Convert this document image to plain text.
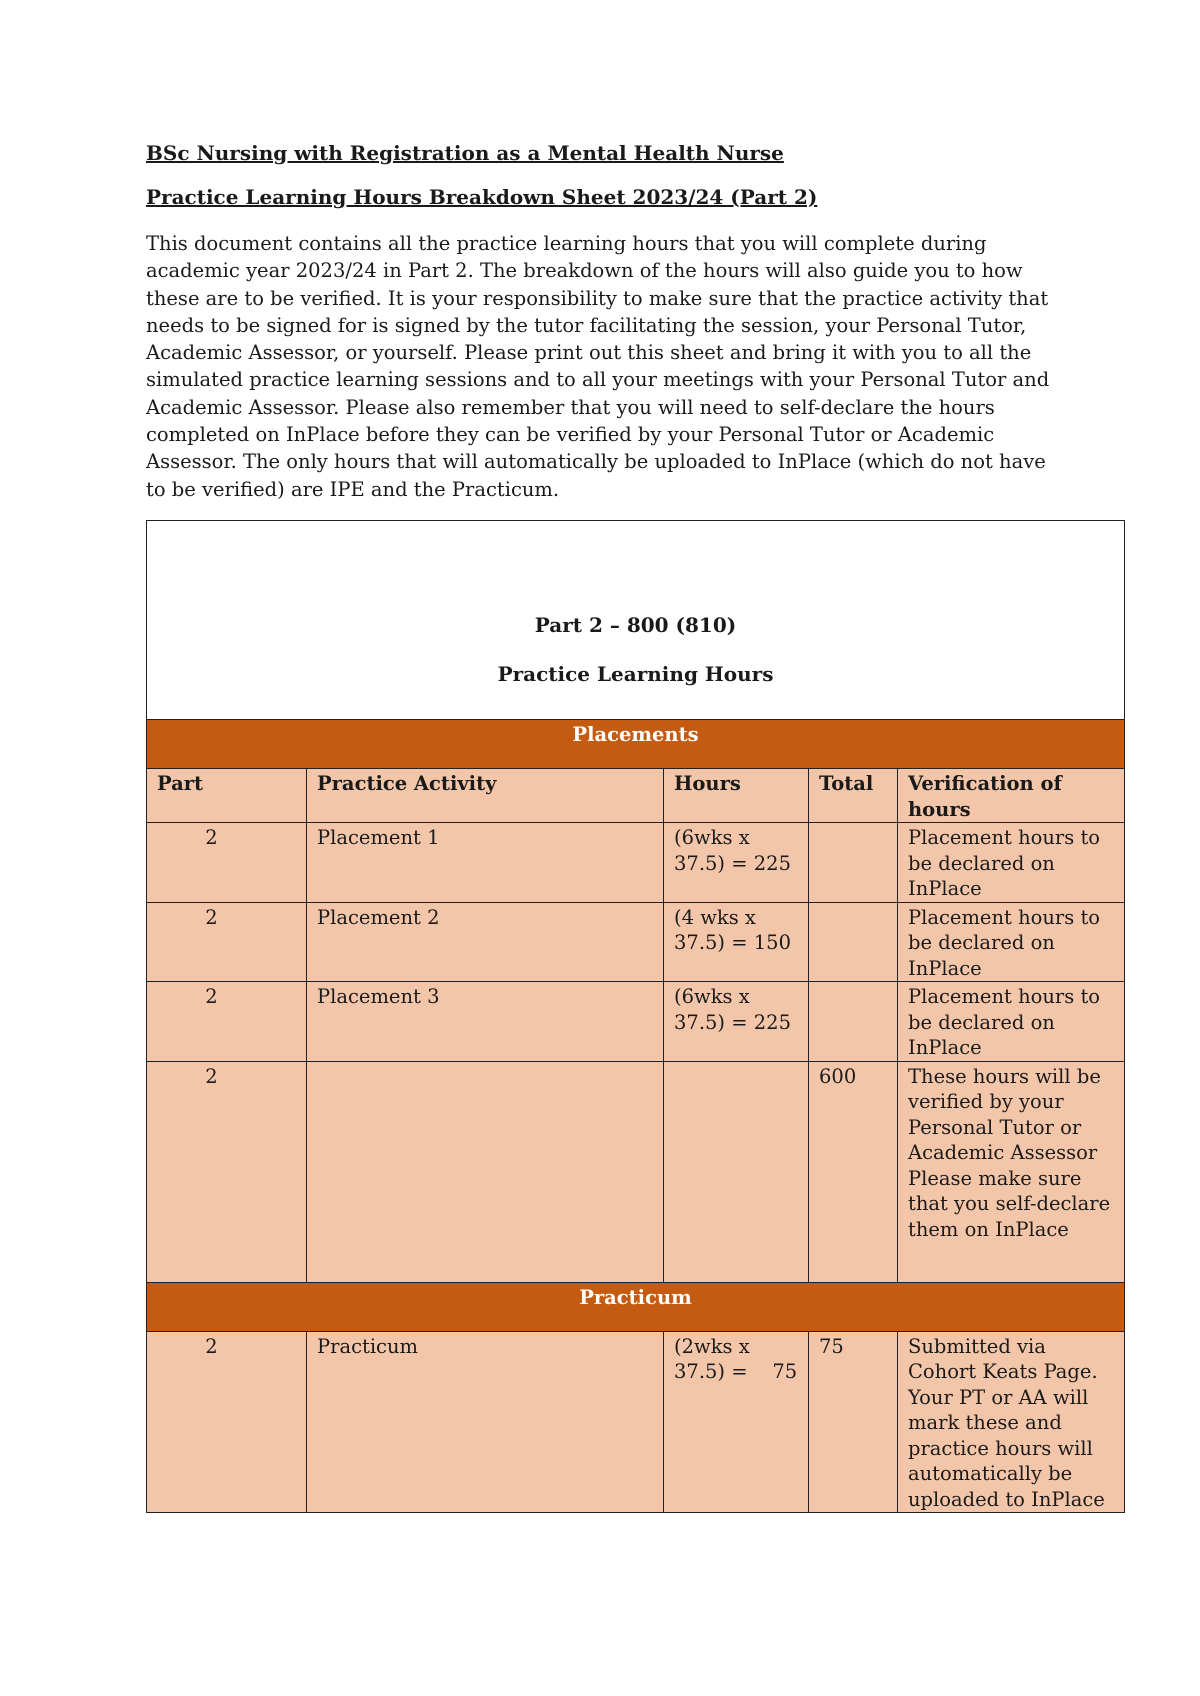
BSc Nursing with Registration as a Mental Health Nurse
Practice Learning Hours Breakdown Sheet 2023/24 (Part 2)
This document contains all the practice learning hours that you will complete during
academic year 2023/24 in Part 2. The breakdown of the hours will also guide you to how
these are to be verified. It is your responsibility to make sure that the practice activity that
needs to be signed for is signed by the tutor facilitating the session, your Personal Tutor,
Academic Assessor, or yourself. Please print out this sheet and bring it with you to all the
simulated practice learning sessions and to all your meetings with your Personal Tutor and
Academic Assessor. Please also remember that you will need to self-declare the hours
completed on InPlace before they can be verified by your Personal Tutor or Academic
Assessor. The only hours that will automatically be uploaded to InPlace (which do not have
to be verified) are IPE and the Practicum.
Part 2 – 800 (810)
Practice Learning Hours				

Placements				
Part	Practice Activity	Hours	Total	Verification of hours
2	Placement 1	(6wks x 37.5) = 225		Placement hours to be declared on InPlace
2	Placement 2	(4 wks x 37.5) = 150		Placement hours to be declared on InPlace
2	Placement 3	(6wks x 37.5) = 225		Placement hours to be declared on InPlace
2			600	These hours will be verified by your Personal Tutor or Academic Assessor Please make sure that you self-declare them on InPlace
Practicum				
2	Practicum	(2wks x 37.5) =    75	75	Submitted via Cohort Keats Page. Your PT or AA will mark these and practice hours will automatically be uploaded to InPlace
